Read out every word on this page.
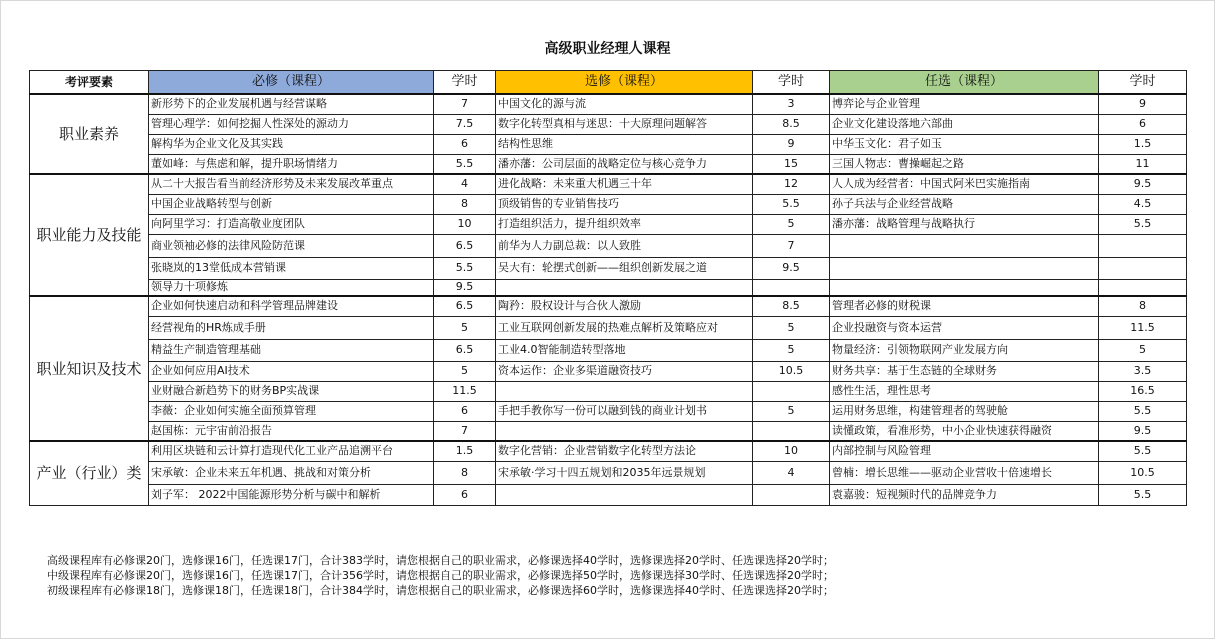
高级职业经理人课程
考评要素	必修（课程）	学时	选修（课程）	学时	任选（课程）	学时
职业素养	新形势下的企业发展机遇与经营谋略	7	中国文化的源与流	3	博弈论与企业管理	9
	管理心理学：如何挖掘人性深处的源动力	7.5	数字化转型真相与迷思：十大原理问题解答	8.5	企业文化建设落地六部曲	6
	解构华为企业文化及其实践	6	结构性思维	9	中华玉文化：君子如玉	1.5
	董如峰：与焦虑和解，提升职场情绪力	5.5	潘亦藩：公司层面的战略定位与核心竞争力	15	三国人物志：曹操崛起之路	11
职业能力及技能	从二十大报告看当前经济形势及未来发展改革重点	4	进化战略：未来重大机遇三十年	12	人人成为经营者：中国式阿米巴实施指南	9.5
	中国企业战略转型与创新	8	顶级销售的专业销售技巧	5.5	孙子兵法与企业经营战略	4.5
	向阿里学习：打造高敬业度团队	10	打造组织活力，提升组织效率	5	潘亦藩：战略管理与战略执行	5.5
	商业领袖必修的法律风险防范课	6.5	前华为人力副总裁：以人致胜	7		
	张晓岚的13堂低成本营销课	5.5	吴大有：轮摆式创新——组织创新发展之道	9.5		
	领导力十项修炼	9.5				
职业知识及技术	企业如何快速启动和科学管理品牌建设	6.5	陶矜：股权设计与合伙人激励	8.5	管理者必修的财税课	8
	经营视角的HR炼成手册	5	工业互联网创新发展的热难点解析及策略应对	5	企业投融资与资本运营	11.5
	精益生产制造管理基础	6.5	工业4.0智能制造转型落地	5	物量经济：引领物联网产业发展方向	5
	企业如何应用AI技术	5	资本运作：企业多渠道融资技巧	10.5	财务共享：基于生态链的全球财务	3.5
	业财融合新趋势下的财务BP实战课	11.5			感性生活，理性思考	16.5
	李薇：企业如何实施全面预算管理	6	手把手教你写一份可以融到钱的商业计划书	5	运用财务思维，构建管理者的驾驶舱	5.5
	赵国栋：元宇宙前沿报告	7			读懂政策，看准形势，中小企业快速获得融资	9.5
产业（行业）类	利用区块链和云计算打造现代化工业产品追溯平台	1.5	数字化营销：企业营销数字化转型方法论	10	内部控制与风险管理	5.5
	宋承敏：企业未来五年机遇、挑战和对策分析	8	宋承敏·学习十四五规划和2035年远景规划	4	曾楠：增长思维——驱动企业营收十倍速增长	10.5
	刘子军： 2022中国能源形势分析与碳中和解析	6			袁嘉骏：短视频时代的品牌竞争力	5.5
高级课程库有必修课20门，选修课16门，任选课17门，合计383学时，请您根据自己的职业需求，必修课选择40学时，选修课选择20学时、任选课选择20学时；
中级课程库有必修课20门，选修课16门，任选课17门，合计356学时，请您根据自己的职业需求，必修课选择50学时，选修课选择30学时、任选课选择20学时；
初级课程库有必修课18门，选修课18门，任选课18门，合计384学时，请您根据自己的职业需求，必修课选择60学时，选修课选择40学时、任选课选择20学时；
